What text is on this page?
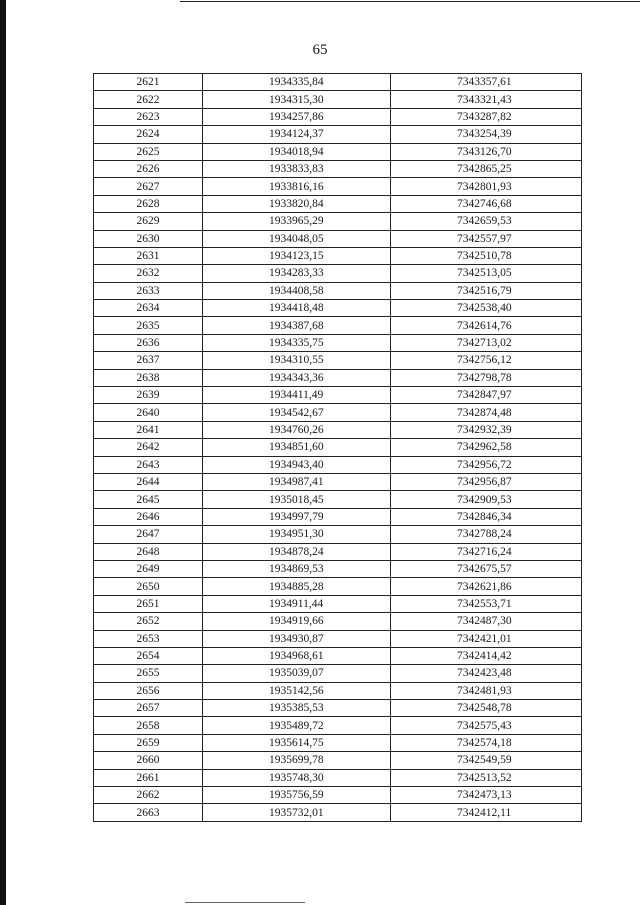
65
2621	1934335,84	7343357,61
2622	1934315,30	7343321,43
2623	1934257,86	7343287,82
2624	1934124,37	7343254,39
2625	1934018,94	7343126,70
2626	1933833,83	7342865,25
2627	1933816,16	7342801,93
2628	1933820,84	7342746,68
2629	1933965,29	7342659,53
2630	1934048,05	7342557,97
2631	1934123,15	7342510,78
2632	1934283,33	7342513,05
2633	1934408,58	7342516,79
2634	1934418,48	7342538,40
2635	1934387,68	7342614,76
2636	1934335,75	7342713,02
2637	1934310,55	7342756,12
2638	1934343,36	7342798,78
2639	1934411,49	7342847,97
2640	1934542,67	7342874,48
2641	1934760,26	7342932,39
2642	1934851,60	7342962,58
2643	1934943,40	7342956,72
2644	1934987,41	7342956,87
2645	1935018,45	7342909,53
2646	1934997,79	7342846,34
2647	1934951,30	7342788,24
2648	1934878,24	7342716,24
2649	1934869,53	7342675,57
2650	1934885,28	7342621,86
2651	1934911,44	7342553,71
2652	1934919,66	7342487,30
2653	1934930,87	7342421,01
2654	1934968,61	7342414,42
2655	1935039,07	7342423,48
2656	1935142,56	7342481,93
2657	1935385,53	7342548,78
2658	1935489,72	7342575,43
2659	1935614,75	7342574,18
2660	1935699,78	7342549,59
2661	1935748,30	7342513,52
2662	1935756,59	7342473,13
2663	1935732,01	7342412,11
